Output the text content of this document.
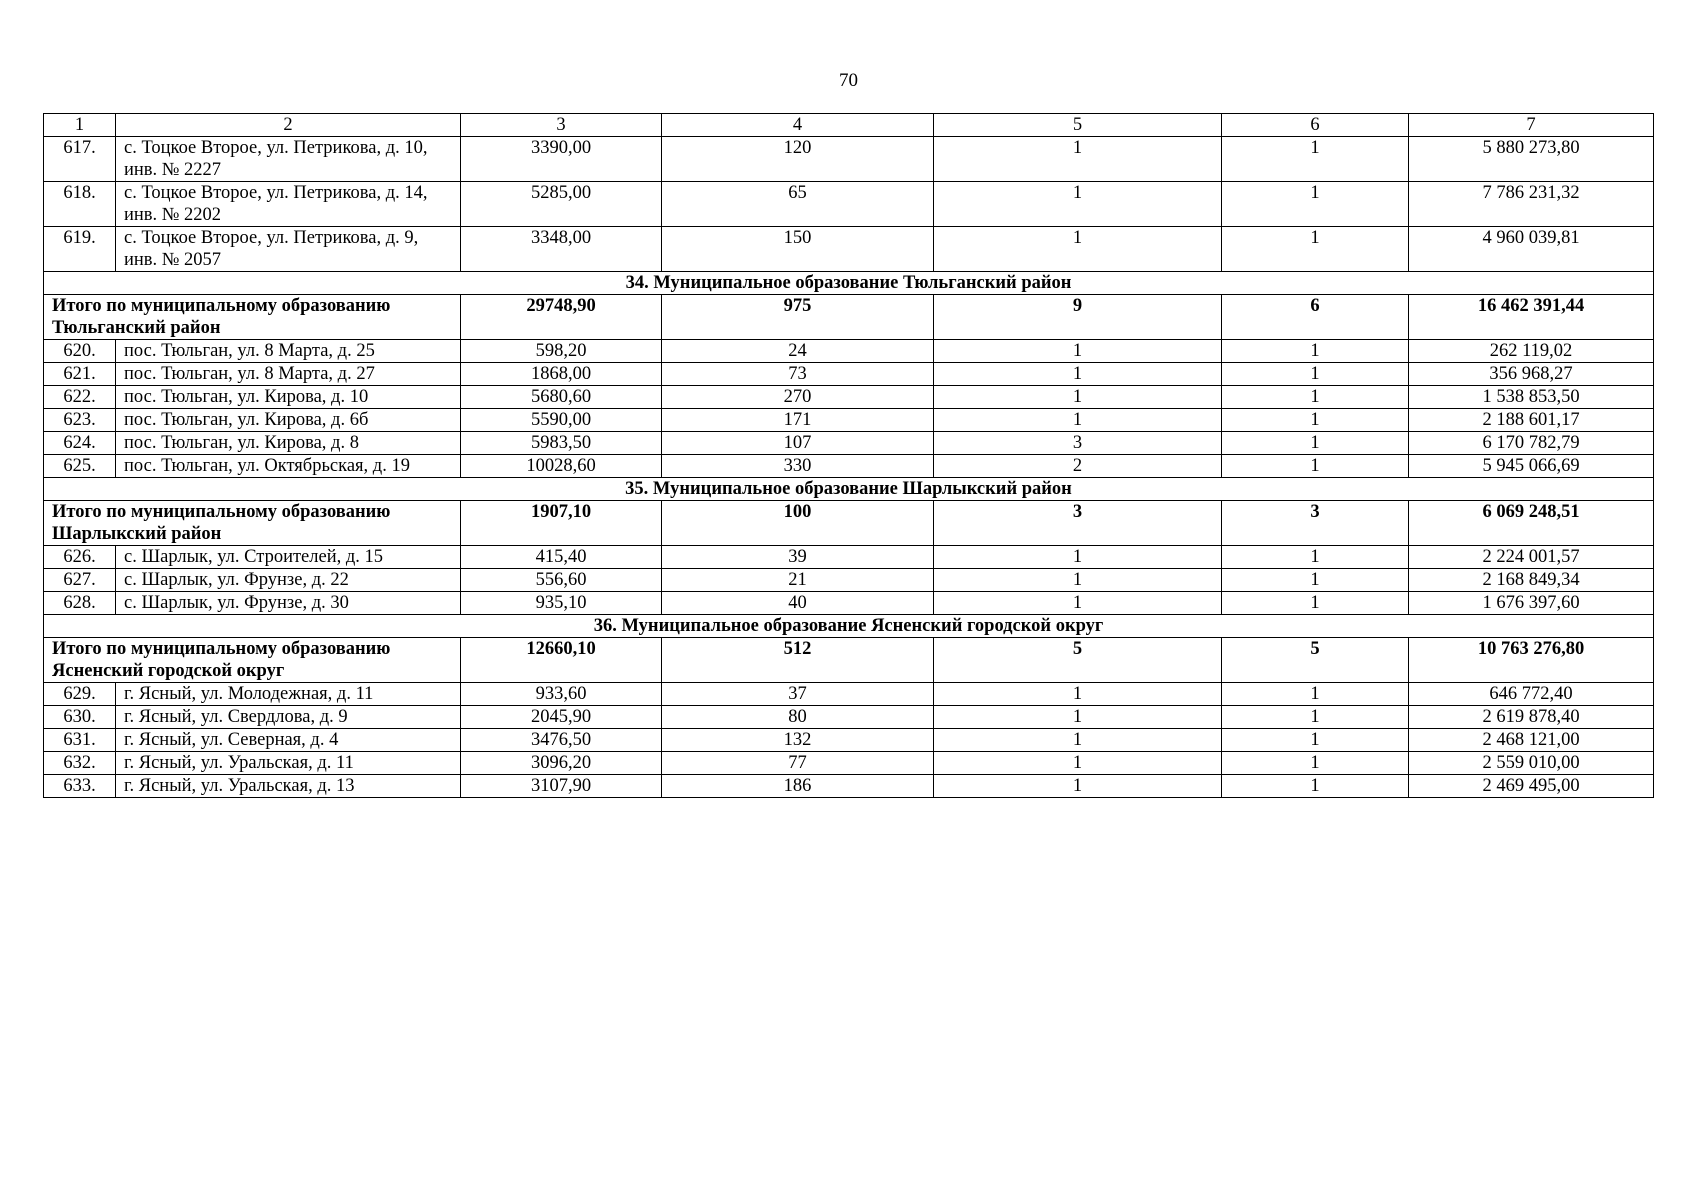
70
1	2	3	4	5	6	7
617.	с. Тоцкое Второе, ул. Петрикова, д. 10, инв. № 2227	3390,00	120	1	1	5 880 273,80
618.	с. Тоцкое Второе, ул. Петрикова, д. 14, инв. № 2202	5285,00	65	1	1	7 786 231,32
619.	с. Тоцкое Второе, ул. Петрикова, д. 9, инв. № 2057	3348,00	150	1	1	4 960 039,81
34. Муниципальное образование Тюльганский район						
Итого по муниципальному образованию Тюльганский район		29748,90	975	9	6	16 462 391,44
620.	пос. Тюльган, ул. 8 Марта, д. 25	598,20	24	1	1	262 119,02
621.	пос. Тюльган, ул. 8 Марта, д. 27	1868,00	73	1	1	356 968,27
622.	пос. Тюльган, ул. Кирова, д. 10	5680,60	270	1	1	1 538 853,50
623.	пос. Тюльган, ул. Кирова, д. 6б	5590,00	171	1	1	2 188 601,17
624.	пос. Тюльган, ул. Кирова, д. 8	5983,50	107	3	1	6 170 782,79
625.	пос. Тюльган, ул. Октябрьская, д. 19	10028,60	330	2	1	5 945 066,69
35. Муниципальное образование Шарлыкский район						
Итого по муниципальному образованию Шарлыкский район		1907,10	100	3	3	6 069 248,51
626.	с. Шарлык, ул. Строителей, д. 15	415,40	39	1	1	2 224 001,57
627.	с. Шарлык, ул. Фрунзе, д. 22	556,60	21	1	1	2 168 849,34
628.	с. Шарлык, ул. Фрунзе, д. 30	935,10	40	1	1	1 676 397,60
36. Муниципальное образование Ясненский городской округ						
Итого по муниципальному образованию Ясненский городской округ		12660,10	512	5	5	10 763 276,80
629.	г. Ясный, ул. Молодежная, д. 11	933,60	37	1	1	646 772,40
630.	г. Ясный, ул. Свердлова, д. 9	2045,90	80	1	1	2 619 878,40
631.	г. Ясный, ул. Северная, д. 4	3476,50	132	1	1	2 468 121,00
632.	г. Ясный, ул. Уральская, д. 11	3096,20	77	1	1	2 559 010,00
633.	г. Ясный, ул. Уральская, д. 13	3107,90	186	1	1	2 469 495,00
